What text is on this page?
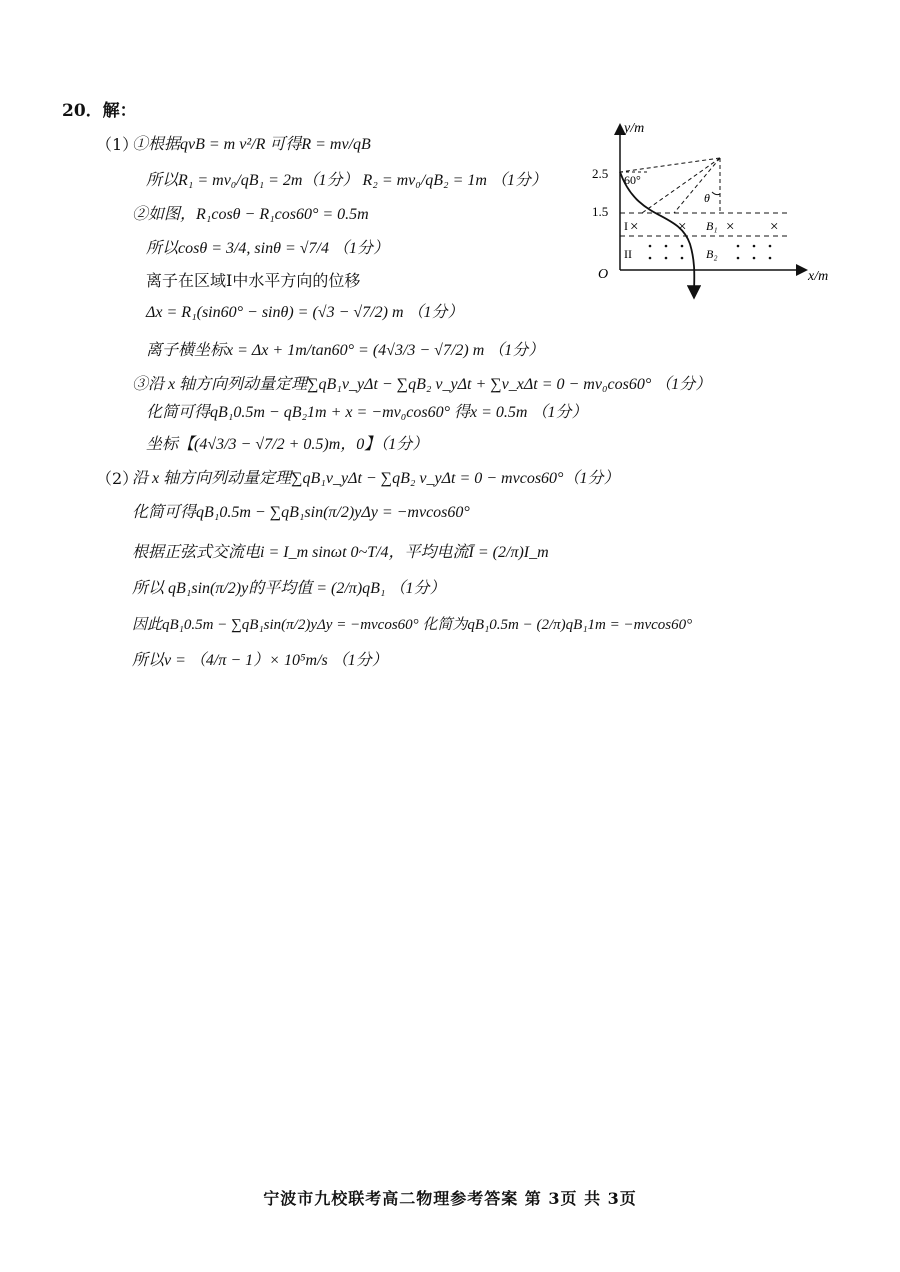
20．解：
（1）
①根据qvB = m v²/R 可得R = mv/qB
所以R₁ = mv₀/qB₁ = 2m（1分） R₂ = mv₀/qB₂ = 1m （1分）
②如图，R₁cosθ − R₁cos60° = 0.5m
所以cosθ = 3/4, sinθ = √7/4 （1分）
离子在区域I中水平方向的位移
Δx = R₁(sin60° − sinθ) = (√3 − √7/2) m （1分）
离子横坐标x = Δx + 1m/tan60° = (4√3/3 − √7/2) m （1分）
③沿 x 轴方向列动量定理∑qB₁v_yΔt − ∑qB₂ v_yΔt + ∑v_xΔt = 0 − mv₀cos60° （1分）
化简可得qB₁0.5m − qB₂1m + x = −mv₀cos60° 得x = 0.5m （1分）
坐标【(4√3/3 − √7/2 + 0.5)m，0】（1分）
（2）
沿 x 轴方向列动量定理∑qB₁v_yΔt − ∑qB₂ v_yΔt = 0 − mvcos60°（1分）
化简可得qB₁0.5m − ∑qB₁sin(π/2)yΔy = −mvcos60°
根据正弦式交流电i = I_m sinωt 0~T/4，平均电流Ī = (2/π)I_m
所以 qB₁sin(π/2)y的平均值 = (2/π)qB₁ （1分）
因此qB₁0.5m − ∑qB₁sin(π/2)yΔy = −mvcos60° 化简为qB₁0.5m − (2/π)qB₁1m = −mvcos60°
所以v = （4/π − 1）× 10⁵m/s （1分）
y/m
x/m
O
2.5
1.5
θ
60°
I ×	× B₁ × ×
II	B₂
宁波市九校联考高二物理参考答案 第 3页 共 3页
